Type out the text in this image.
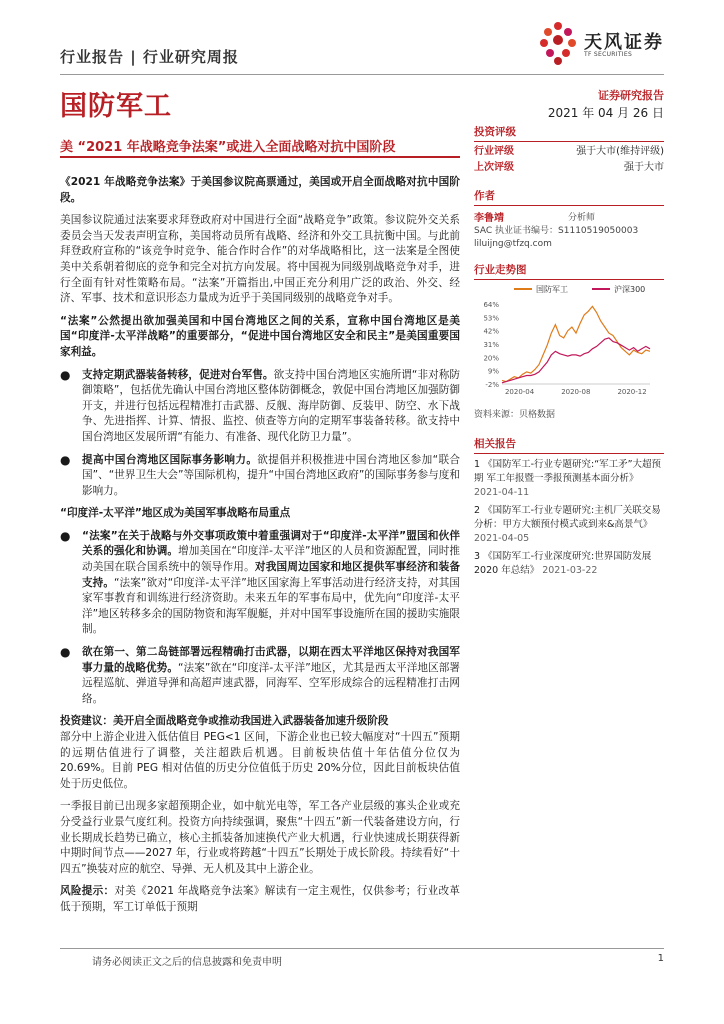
行业报告 | 行业研究周报
天风证券
TF SECURITIES
国防军工	证券研究报告
2021 年 04 月 26 日
美 “2021 年战略竞争法案”或进入全面战略对抗中国阶段

《2021 年战略竞争法案》于美国参议院高票通过，美国或开启全面战略对抗中国阶段。

美国参议院通过法案要求拜登政府对中国进行全面“战略竞争”政策。参议院外交关系委员会当天发表声明宣称，美国将动员所有战略、经济和外交工具抗衡中国。与此前拜登政府宣称的“该竞争时竞争、能合作时合作”的对华战略相比，这一法案是全图使美中关系朝着彻底的竞争和完全对抗方向发展。将中国视为同级别战略竞争对手，进行全面有针对性策略布局。“法案”开篇指出,中国正充分利用广泛的政治、外交、经济、军事、技术和意识形态力量成为近乎于美国同级别的战略竞争对手。

“法案”公然提出欲加强美国和中国台湾地区之间的关系，宣称中国台湾地区是美国“印度洋-太平洋战略”的重要部分，“促进中国台湾地区安全和民主”是美国重要国家利益。

●	支持定期武器装备转移，促进对台军售。欲支持中国台湾地区实施所谓“非对称防御策略”，包括优先确认中国台湾地区整体防御概念，敦促中国台湾地区加强防御开支，并进行包括远程精准打击武器、反舰、海岸防御、反装甲、防空、水下战争、先进指挥、计算、情报、监控、侦查等方向的定期军事装备转移。欲支持中国台湾地区发展所谓“有能力、有准备、现代化防卫力量”。
●	提高中国台湾地区国际事务影响力。欲提倡并积极推进中国台湾地区参加“联合国”、“世界卫生大会”等国际机构，提升“中国台湾地区政府”的国际事务参与度和影响力。

“印度洋-太平洋”地区成为美国军事战略布局重点

●	“法案”在关于战略与外交事项政策中着重强调对于“印度洋-太平洋”盟国和伙伴关系的强化和协调。增加美国在“印度洋-太平洋”地区的人员和资源配置，同时推动美国在联合国系统中的领导作用。对我国周边国家和地区提供军事经济和装备支持。“法案”欲对“印度洋-太平洋”地区国家海上军事活动进行经济支持，对其国家军事教育和训练进行经济资助。未来五年的军事布局中，优先向“印度洋-太平洋”地区转移多余的国防物资和海军舰艇，并对中国军事设施所在国的援助实施限制。
●	欲在第一、第二岛链部署远程精确打击武器，以期在西太平洋地区保持对我国军事力量的战略优势。“法案”欲在“印度洋-太平洋”地区，尤其是西太平洋地区部署远程巡航、弹道导弹和高超声速武器，同海军、空军形成综合的远程精准打击网络。

投资建议：美开启全面战略竞争或推动我国进入武器装备加速升级阶段

部分中上游企业进入低估值目 PEG<1 区间，下游企业也已较大幅度对“十四五”预期的远期估值进行了调整，关注超跌后机遇。目前板块估值十年估值分位仅为 20.69%。目前 PEG 相对估值的历史分位值低于历史 20%分位，因此目前板块估值处于历史低位。

一季报目前已出现多家超预期企业，如中航光电等，军工各产业层级的寡头企业或充分受益行业景气度红利。投资方向持续强调，聚焦“十四五”新一代装备建设方向，行业长期成长趋势已确立，核心主抓装备加速换代产业大机遇，行业快速成长期获得新中期时间节点——2027 年，行业或将跨越“十四五”长期处于成长阶段。持续看好“十四五”换装对应的航空、导弹、无人机及其中上游企业。

风险提示：对美《2021 年战略竞争法案》解读有一定主观性，仅供参考；行业改革低于预期，军工订单低于预期

投资评级
行业评级	强于大市(维持评级)
上次评级	强于大市
作者
李鲁靖	分析师
SAC 执业证书编号：S1110519050003
liluijng@tfzq.com
行业走势图
国防军工	沪深300
-2%
9%
20%
31%
42%
53%
64%
2020-04	2020-08	2020-12
资料来源：贝格数据
相关报告
1 《国防军工-行业专题研究:“军工矛”大超预期 军工年报暨一季报预测基本面分析》 2021-04-11
2 《国防军工-行业专题研究:主机厂关联交易分析：甲方大额预付模式或到来&高景气》 2021-04-05
3 《国防军工-行业深度研究:世界国防发展 2020 年总结》 2021-03-22
请务必阅读正文之后的信息披露和免责申明	1
